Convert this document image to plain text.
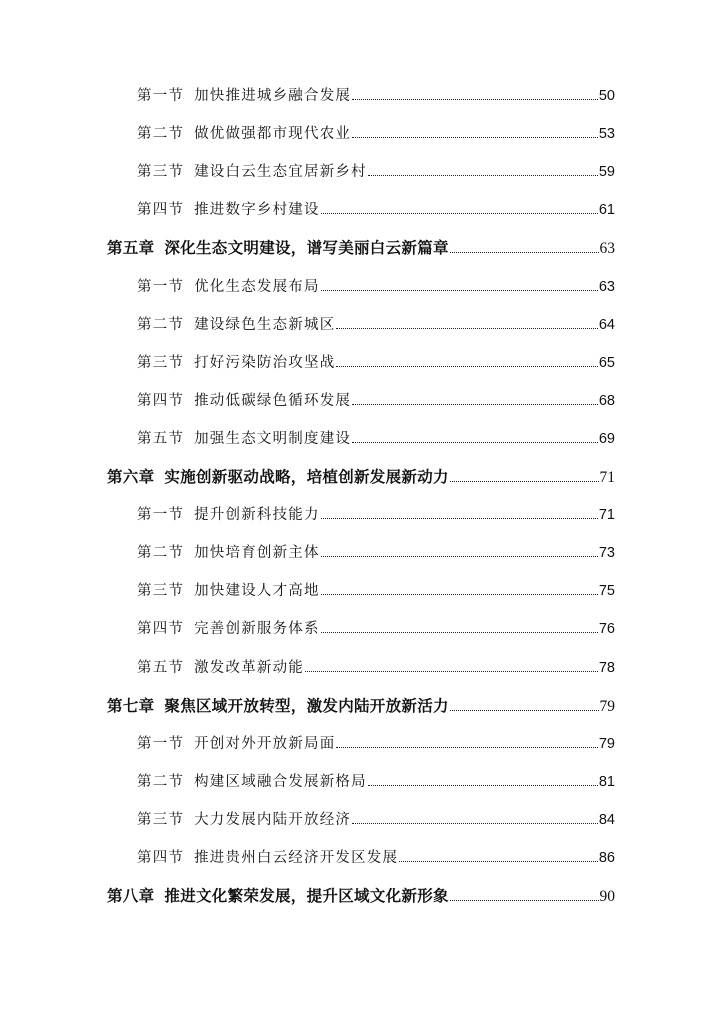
第一节 加快推进城乡融合发展	50
第二节 做优做强都市现代农业	53
第三节 建设白云生态宜居新乡村	59
第四节 推进数字乡村建设	61
第五章 深化生态文明建设，谱写美丽白云新篇章	63
第一节 优化生态发展布局	63
第二节 建设绿色生态新城区	64
第三节 打好污染防治攻坚战	65
第四节 推动低碳绿色循环发展	68
第五节 加强生态文明制度建设	69
第六章 实施创新驱动战略，培植创新发展新动力	71
第一节 提升创新科技能力	71
第二节 加快培育创新主体	73
第三节 加快建设人才高地	75
第四节 完善创新服务体系	76
第五节 激发改革新动能	78
第七章 聚焦区域开放转型，激发内陆开放新活力	79
第一节 开创对外开放新局面	79
第二节 构建区域融合发展新格局	81
第三节 大力发展内陆开放经济	84
第四节 推进贵州白云经济开发区发展	86
第八章 推进文化繁荣发展，提升区域文化新形象	90
